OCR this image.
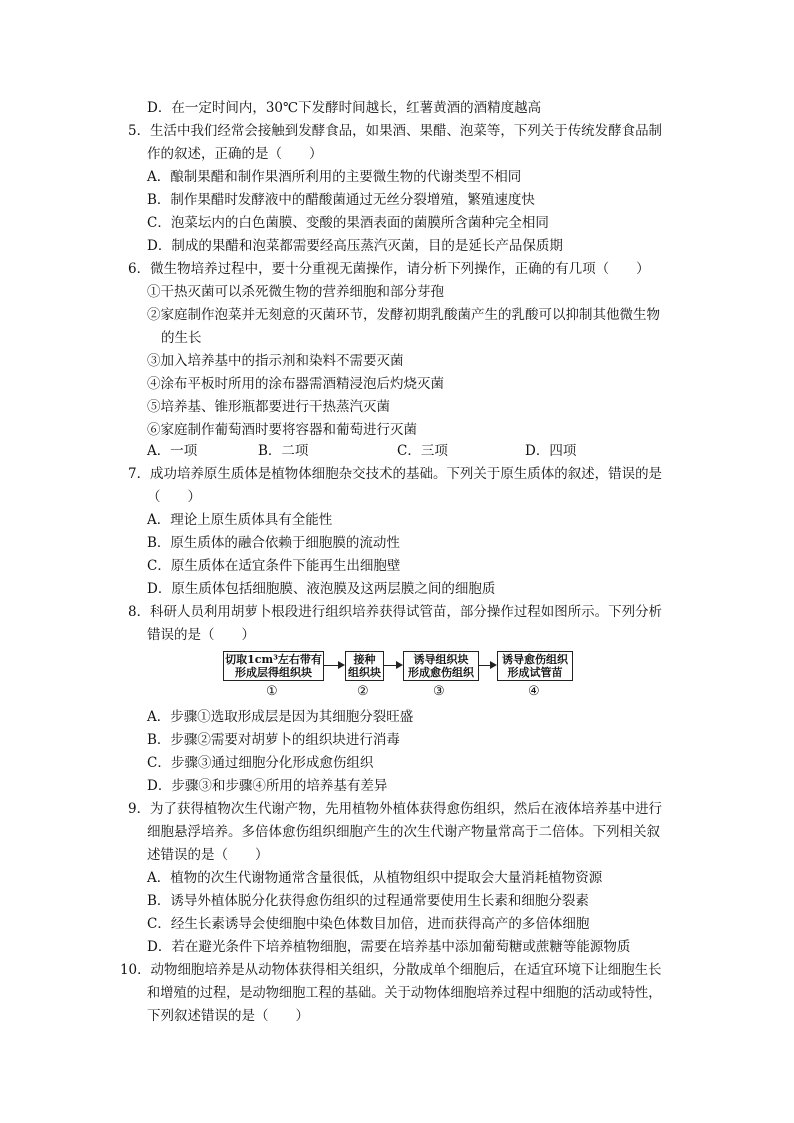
D．在一定时间内，30℃下发酵时间越长，红薯黄酒的酒精度越高
5．生活中我们经常会接触到发酵食品，如果酒、果醋、泡菜等，下列关于传统发酵食品制
作的叙述，正确的是（　　）
A．酿制果醋和制作果酒所利用的主要微生物的代谢类型不相同
B．制作果醋时发酵液中的醋酸菌通过无丝分裂增殖，繁殖速度快
C．泡菜坛内的白色菌膜、变酸的果酒表面的菌膜所含菌种完全相同
D．制成的果醋和泡菜都需要经高压蒸汽灭菌，目的是延长产品保质期
6．微生物培养过程中，要十分重视无菌操作，请分析下列操作，正确的有几项（　　）
①干热灭菌可以杀死微生物的营养细胞和部分芽孢
②家庭制作泡菜并无刻意的灭菌环节，发酵初期乳酸菌产生的乳酸可以抑制其他微生物
的生长
③加入培养基中的指示剂和染料不需要灭菌
④涂布平板时所用的涂布器需酒精浸泡后灼烧灭菌
⑤培养基、锥形瓶都要进行干热蒸汽灭菌
⑥家庭制作葡萄酒时要将容器和葡萄进行灭菌
A．一项	B．二项	C．三项	D．四项
7．成功培养原生质体是植物体细胞杂交技术的基础。下列关于原生质体的叙述，错误的是
（　　）
A．理论上原生质体具有全能性
B．原生质体的融合依赖于细胞膜的流动性
C．原生质体在适宜条件下能再生出细胞壁
D．原生质体包括细胞膜、液泡膜及这两层膜之间的细胞质
8．科研人员利用胡萝卜根段进行组织培养获得试管苗，部分操作过程如图所示。下列分析
错误的是（　　）
切取1cm³左右带有
形成层得组织块
接种
组织块
诱导组织块
形成愈伤组织
诱导愈伤组织
形成试管苗
①	②	③	④
A．步骤①选取形成层是因为其细胞分裂旺盛
B．步骤②需要对胡萝卜的组织块进行消毒
C．步骤③通过细胞分化形成愈伤组织
D．步骤③和步骤④所用的培养基有差异
9．为了获得植物次生代谢产物，先用植物外植体获得愈伤组织，然后在液体培养基中进行
细胞悬浮培养。多倍体愈伤组织细胞产生的次生代谢产物量常高于二倍体。下列相关叙
述错误的是（　　）
A．植物的次生代谢物通常含量很低，从植物组织中提取会大量消耗植物资源
B．诱导外植体脱分化获得愈伤组织的过程通常要使用生长素和细胞分裂素
C．经生长素诱导会使细胞中染色体数目加倍，进而获得高产的多倍体细胞
D．若在避光条件下培养植物细胞，需要在培养基中添加葡萄糖或蔗糖等能源物质
10．动物细胞培养是从动物体获得相关组织，分散成单个细胞后，在适宜环境下让细胞生长
和增殖的过程，是动物细胞工程的基础。关于动物体细胞培养过程中细胞的活动或特性，
下列叙述错误的是（　　）
